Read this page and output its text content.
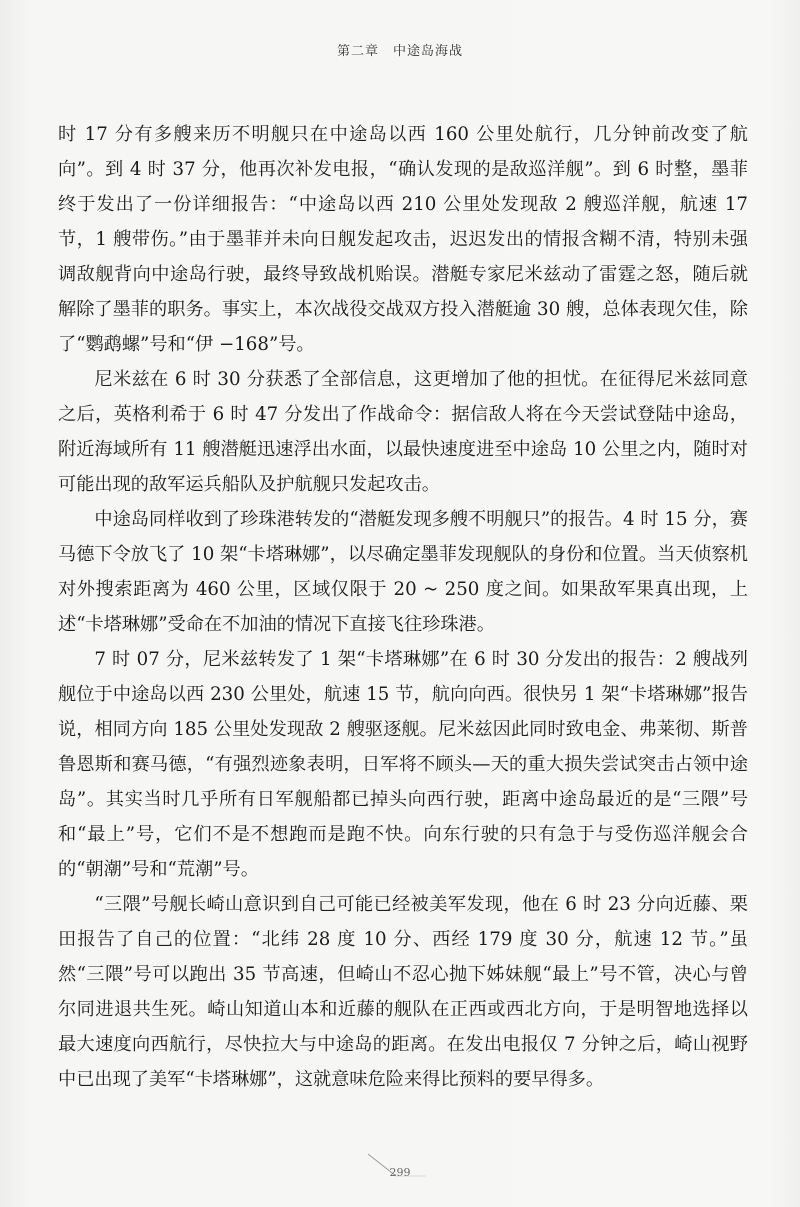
第二章 中途岛海战

时 17 分有多艘来历不明舰只在中途岛以西 160 公里处航行，几分钟前改变了航向”。到 4 时 37 分，他再次补发电报，“确认发现的是敌巡洋舰”。到 6 时整，墨菲终于发出了一份详细报告：“中途岛以西 210 公里处发现敌 2 艘巡洋舰，航速 17 节，1 艘带伤。”由于墨菲并未向日舰发起攻击，迟迟发出的情报含糊不清，特别未强调敌舰背向中途岛行驶，最终导致战机贻误。潜艇专家尼米兹动了雷霆之怒，随后就解除了墨菲的职务。事实上，本次战役交战双方投入潜艇逾 30 艘，总体表现欠佳，除了“鹦鹉螺”号和“伊 −168”号。

尼米兹在 6 时 30 分获悉了全部信息，这更增加了他的担忧。在征得尼米兹同意之后，英格利希于 6 时 47 分发出了作战命令：据信敌人将在今天尝试登陆中途岛，附近海域所有 11 艘潜艇迅速浮出水面，以最快速度进至中途岛 10 公里之内，随时对可能出现的敌军运兵船队及护航舰只发起攻击。

中途岛同样收到了珍珠港转发的“潜艇发现多艘不明舰只”的报告。4 时 15 分，赛马德下令放飞了 10 架“卡塔琳娜”，以尽确定墨菲发现舰队的身份和位置。当天侦察机对外搜索距离为 460 公里，区域仅限于 20 ~ 250 度之间。如果敌军果真出现，上述“卡塔琳娜”受命在不加油的情况下直接飞往珍珠港。

7 时 07 分，尼米兹转发了 1 架“卡塔琳娜”在 6 时 30 分发出的报告：2 艘战列舰位于中途岛以西 230 公里处，航速 15 节，航向向西。很快另 1 架“卡塔琳娜”报告说，相同方向 185 公里处发现敌 2 艘驱逐舰。尼米兹因此同时致电金、弗莱彻、斯普鲁恩斯和赛马德，“有强烈迹象表明，日军将不顾头—天的重大损失尝试突击占领中途岛”。其实当时几乎所有日军舰船都已掉头向西行驶，距离中途岛最近的是“三隈”号和“最上”号，它们不是不想跑而是跑不快。向东行驶的只有急于与受伤巡洋舰会合的“朝潮”号和“荒潮”号。

“三隈”号舰长崎山意识到自己可能已经被美军发现，他在 6 时 23 分向近藤、栗田报告了自己的位置：“北纬 28 度 10 分、西经 179 度 30 分，航速 12 节。”虽然“三隈”号可以跑出 35 节高速，但崎山不忍心抛下姊妹舰“最上”号不管，决心与曾尔同进退共生死。崎山知道山本和近藤的舰队在正西或西北方向，于是明智地选择以最大速度向西航行，尽快拉大与中途岛的距离。在发出电报仅 7 分钟之后，崎山视野中已出现了美军“卡塔琳娜”，这就意味危险来得比预料的要早得多。

299
